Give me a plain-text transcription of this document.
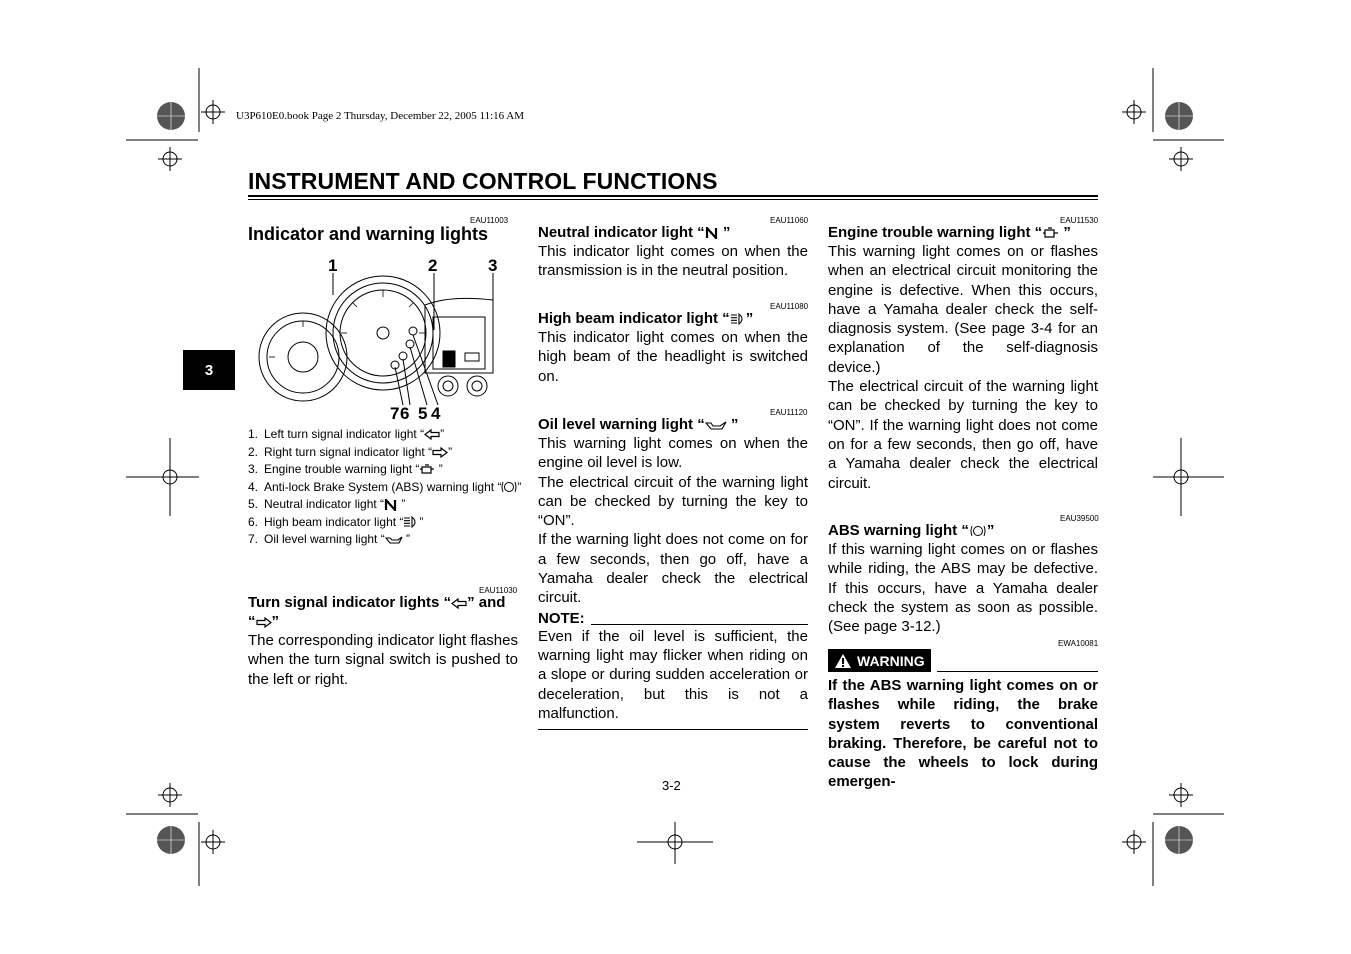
U3P610E0.book Page 2 Thursday, December 22, 2005 11:16 AM
INSTRUMENT AND CONTROL FUNCTIONS
3
EAU11003
Indicator and warning lights
1	2	3
7 6 5 4
1. Left turn signal indicator light “ ”
2. Right turn signal indicator light “ ”
3. Engine trouble warning light “ ”
4. Anti-lock Brake System (ABS) warning light “ ”
5. Neutral indicator light “ ”
6. High beam indicator light “ ”
7. Oil level warning light “ ”
EAU11030
Turn signal indicator lights “ ” and
“ ”
The corresponding indicator light flashes when the turn signal switch is pushed to the left or right.
EAU11060
Neutral indicator light “ ”
This indicator light comes on when the transmission is in the neutral position.
EAU11080
High beam indicator light “ ”
This indicator light comes on when the high beam of the headlight is switched on.
EAU11120
Oil level warning light “ ”
This warning light comes on when the engine oil level is low.
The electrical circuit of the warning light can be checked by turning the key to “ON”.
If the warning light does not come on for a few seconds, then go off, have a Yamaha dealer check the electrical circuit.
NOTE:
Even if the oil level is sufficient, the warning light may flicker when riding on a slope or during sudden acceleration or deceleration, but this is not a malfunction.
EAU11530
Engine trouble warning light “ ”
This warning light comes on or flashes when an electrical circuit monitoring the engine is defective. When this occurs, have a Yamaha dealer check the self-diagnosis system. (See page 3-4 for an explanation of the self-diagnosis device.)
The electrical circuit of the warning light can be checked by turning the key to “ON”. If the warning light does not come on for a few seconds, then go off, have a Yamaha dealer check the electrical circuit.
EAU39500
ABS warning light “ ”
If this warning light comes on or flashes while riding, the ABS may be defective. If this occurs, have a Yamaha dealer check the system as soon as possible. (See page 3-12.)
EWA10081
WARNING
If the ABS warning light comes on or flashes while riding, the brake system reverts to conventional braking. Therefore, be careful not to cause the wheels to lock during emergen-
3-2
